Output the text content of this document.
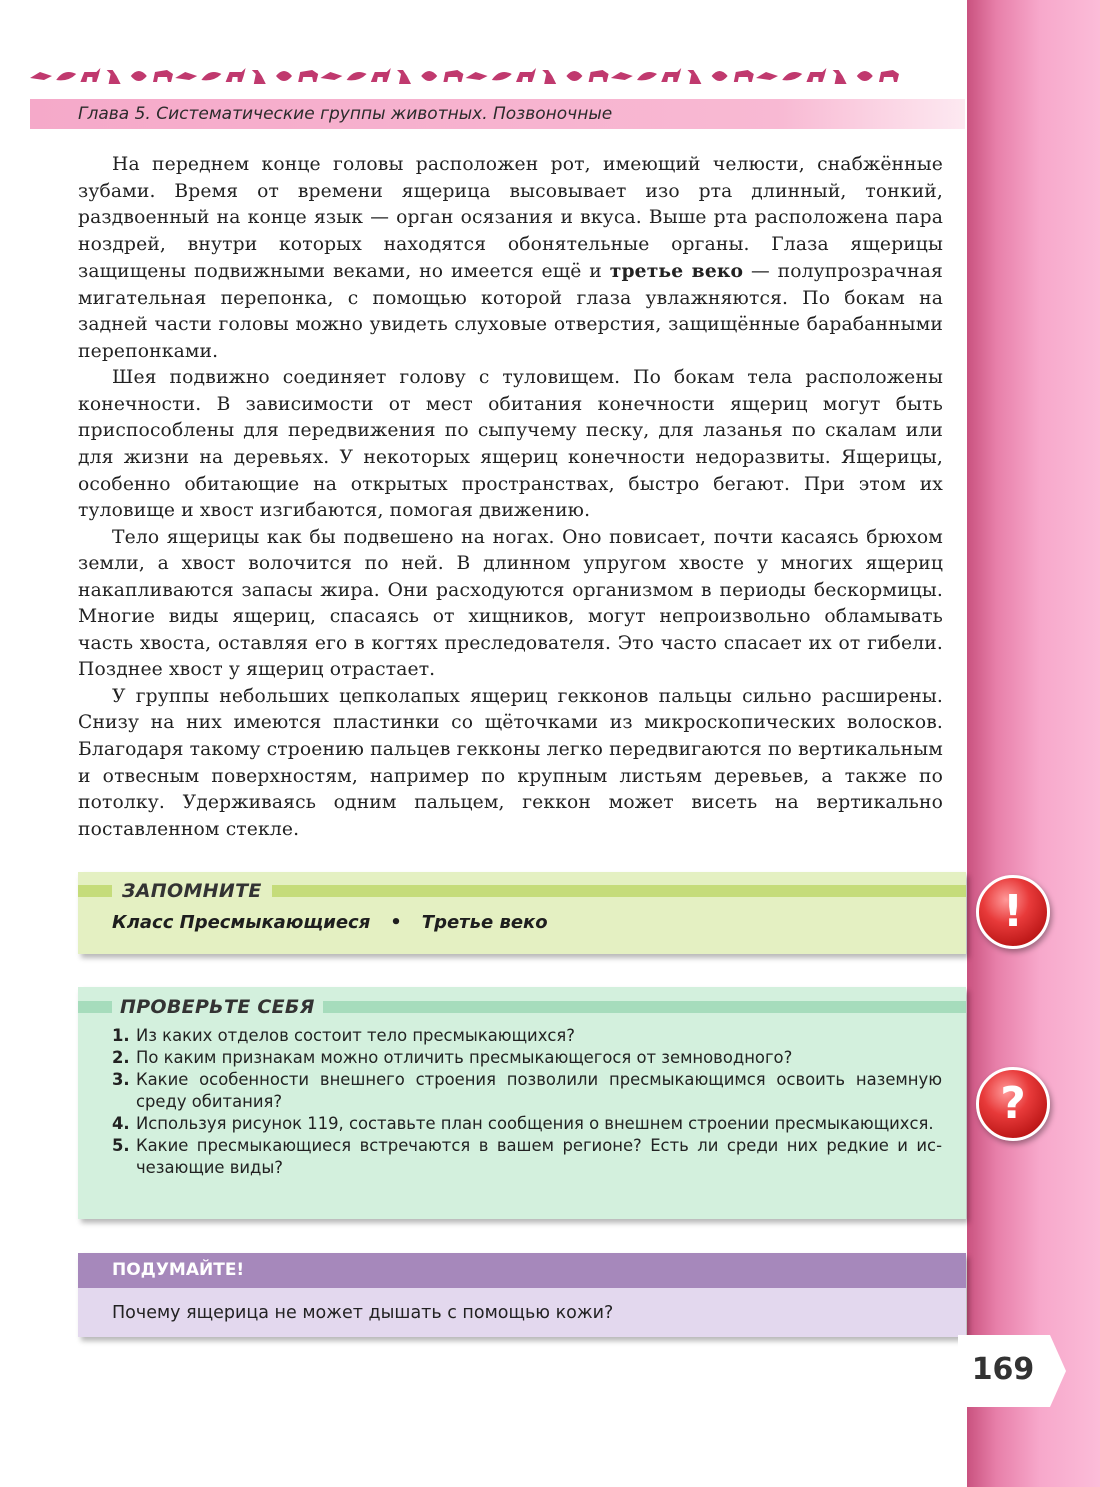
Глава 5. Систематические группы животных. Позвоночные

На переднем конце головы расположен рот, имеющий челюсти, снабжённые зубами. Время от времени ящерица высовывает изо рта длинный, тонкий, раздвоенный на конце язык — орган осязания и вкуса. Выше рта расположена пара ноздрей, внутри которых находятся обонятельные органы. Глаза ящерицы защищены подвижными веками, но имеется ещё и третье веко — полупрозрачная мигательная перепонка, с помощью которой глаза увлажняются. По бокам на задней части головы можно увидеть слуховые отверстия, защищённые барабанными перепонками.

Шея подвижно соединяет голову с туловищем. По бокам тела расположены конечности. В зависимости от мест обитания конечности ящериц могут быть приспособлены для передвижения по сыпучему песку, для лазанья по скалам или для жизни на деревьях. У некоторых ящериц конечности недоразвиты. Ящерицы, особенно обитающие на открытых пространствах, быстро бегают. При этом их туловище и хвост изгибаются, помогая движению.

Тело ящерицы как бы подвешено на ногах. Оно повисает, почти касаясь брюхом земли, а хвост волочится по ней. В длинном упругом хвосте у многих ящериц накапливаются запасы жира. Они расходуются организмом в периоды бескормицы. Многие виды ящериц, спасаясь от хищников, могут непроизвольно обламывать часть хвоста, оставляя его в когтях преследователя. Это часто спасает их от гибели. Позднее хвост у ящериц отрастает.

У группы небольших цепколапых ящериц гекконов пальцы сильно расширены. Снизу на них имеются пластинки со щёточками из микроскопических волосков. Благодаря такому строению пальцев гекконы легко передвигаются по вертикальным и отвесным поверхностям, например по крупным листьям деревьев, а также по потолку. Удерживаясь одним пальцем, геккон может висеть на вертикально поставленном стекле.

ЗАПОМНИТЕ
Класс Пресмыкающиеся • Третье веко	!
ПРОВЕРЬТЕ СЕБЯ
1. Из каких отделов состоит тело пресмыкающихся?
2. По каким признакам можно отличить пресмыкающегося от земноводного?
3. Какие особенности внешнего строения позволили пресмыкающимся освоить наземную среду обитания?
4. Используя рисунок 119, составьте план сообщения о внешнем строении пресмыкающихся.
5. Какие пресмыкающиеся встречаются в вашем регионе? Есть ли среди них редкие и исчезающие виды?
?
ПОДУМАЙТЕ!
Почему ящерица не может дышать с помощью кожи?
169
